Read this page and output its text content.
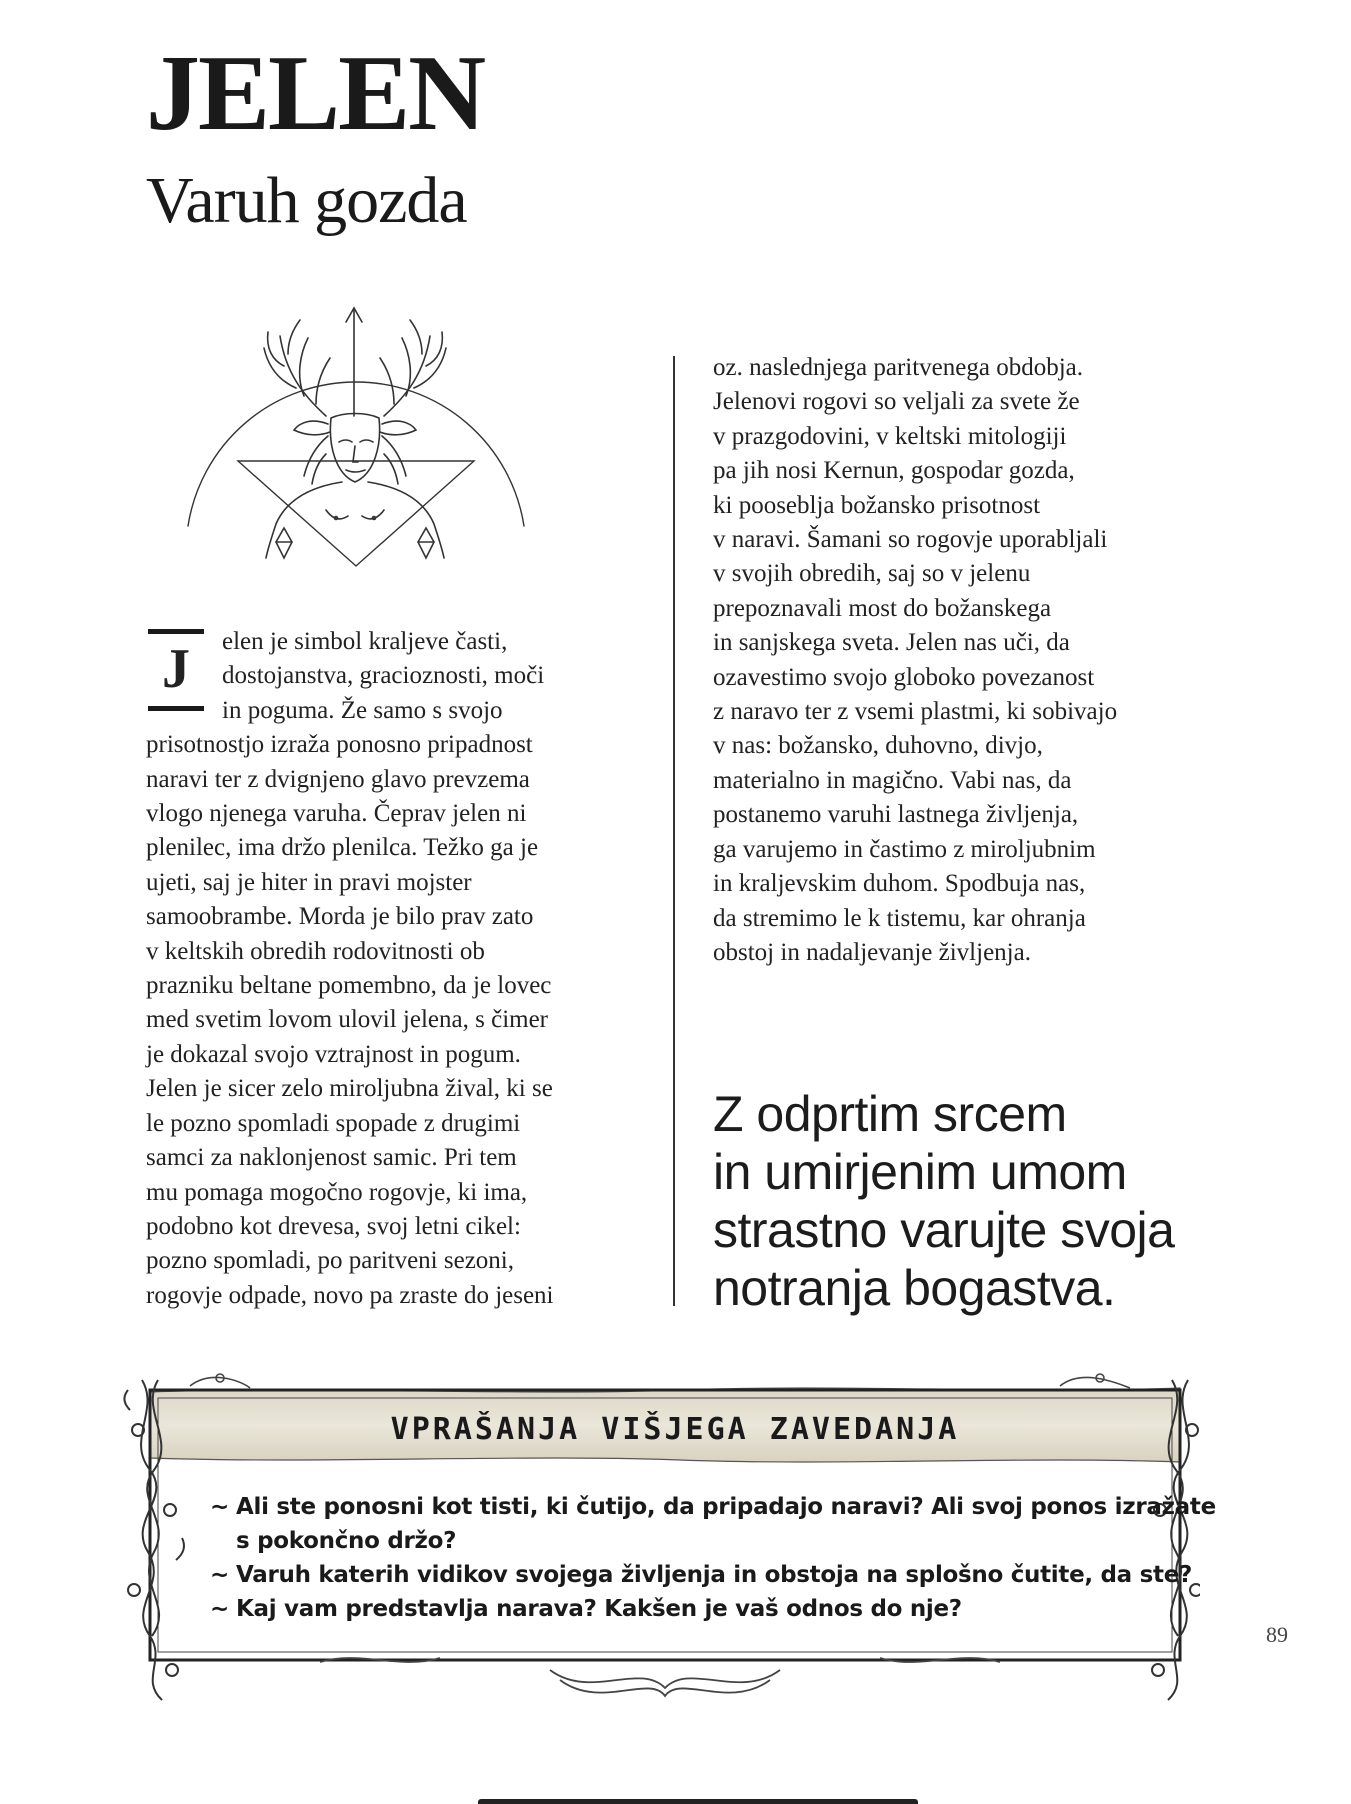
JELEN
Varuh gozda
J	elen je simbol kraljeve časti,
dostojanstva, gracioznosti, moči
in poguma. Že samo s svojo
prisotnostjo izraža ponosno pripadnost
naravi ter z dvignjeno glavo prevzema
vlogo njenega varuha. Čeprav jelen ni
plenilec, ima držo plenilca. Težko ga je
ujeti, saj je hiter in pravi mojster
samoobrambe. Morda je bilo prav zato
v keltskih obredih rodovitnosti ob
prazniku beltane pomembno, da je lovec
med svetim lovom ulovil jelena, s čimer
je dokazal svojo vztrajnost in pogum.
Jelen je sicer zelo miroljubna žival, ki se
le pozno spomladi spopade z drugimi
samci za naklonjenost samic. Pri tem
mu pomaga mogočno rogovje, ki ima,
podobno kot drevesa, svoj letni cikel:
pozno spomladi, po paritveni sezoni,
rogovje odpade, novo pa zraste do jeseni
oz. naslednjega paritvenega obdobja.
Jelenovi rogovi so veljali za svete že
v prazgodovini, v keltski mitologiji
pa jih nosi Kernun, gospodar gozda,
ki pooseblja božansko prisotnost
v naravi. Šamani so rogovje uporabljali
v svojih obredih, saj so v jelenu
prepoznavali most do božanskega
in sanjskega sveta. Jelen nas uči, da
ozavestimo svojo globoko povezanost
z naravo ter z vsemi plastmi, ki sobivajo
v nas: božansko, duhovno, divjo,
materialno in magično. Vabi nas, da
postanemo varuhi lastnega življenja,
ga varujemo in častimo z miroljubnim
in kraljevskim duhom. Spodbuja nas,
da stremimo le k tistemu, kar ohranja
obstoj in nadaljevanje življenja.
Z odprtim srcem
in umirjenim umom
strastno varujte svoja
notranja bogastva.
VPRAŠANJA VIŠJEGA ZAVEDANJA
~ Ali ste ponosni kot tisti, ki čutijo, da pripadajo naravi? Ali svoj ponos izražate
s pokončno držo?
~ Varuh katerih vidikov svojega življenja in obstoja na splošno čutite, da ste?
~ Kaj vam predstavlja narava? Kakšen je vaš odnos do nje?
89
